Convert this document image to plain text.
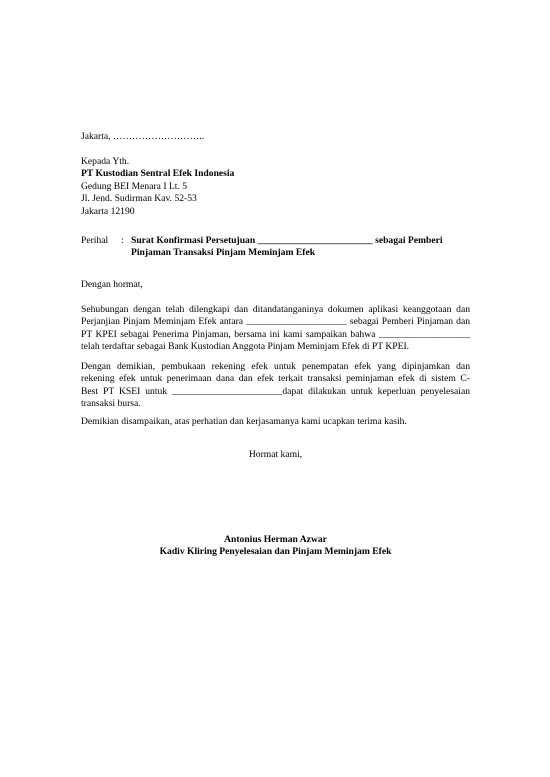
Jakarta, ………………………..
Kepada Yth.
PT Kustodian Sentral Efek Indonesia
Gedung BEI Menara I Lt. 5
Jl. Jend. Sudirman Kav. 52-53
Jakarta 12190
Perihal	: Surat Konfirmasi Persetujuan ________________________ sebagai Pemberi
Pinjaman Transaksi Pinjam Meminjam Efek
Dengan hormat,
Sehubungan dengan telah dilengkapi dan ditandatanganinya dokumen aplikasi keanggotaan dan
Perjanjian Pinjam Meminjam Efek antara _____________________ sebagai Pemberi Pinjaman dan
PT KPEI sebagai Penerima Pinjaman, bersama ini kami sampaikan bahwa ___________________
telah terdaftar sebagai Bank Kustodian Anggota Pinjam Meminjam Efek di PT KPEI.
Dengan demikian, pembukaan rekening efek untuk penempatan efek yang dipinjamkan dan
rekening efek untuk penerimaan dana dan efek terkait transaksi peminjaman efek di sistem C-
Best PT KSEI untuk _______________________dapat dilakukan untuk keperluan penyelesaian
transaksi bursa.
Demikian disampaikan, atas perhatian dan kerjasamanya kami ucapkan terima kasih.
Hormat kami,
Antonius Herman Azwar
Kadiv Kliring Penyelesaian dan Pinjam Meminjam Efek
